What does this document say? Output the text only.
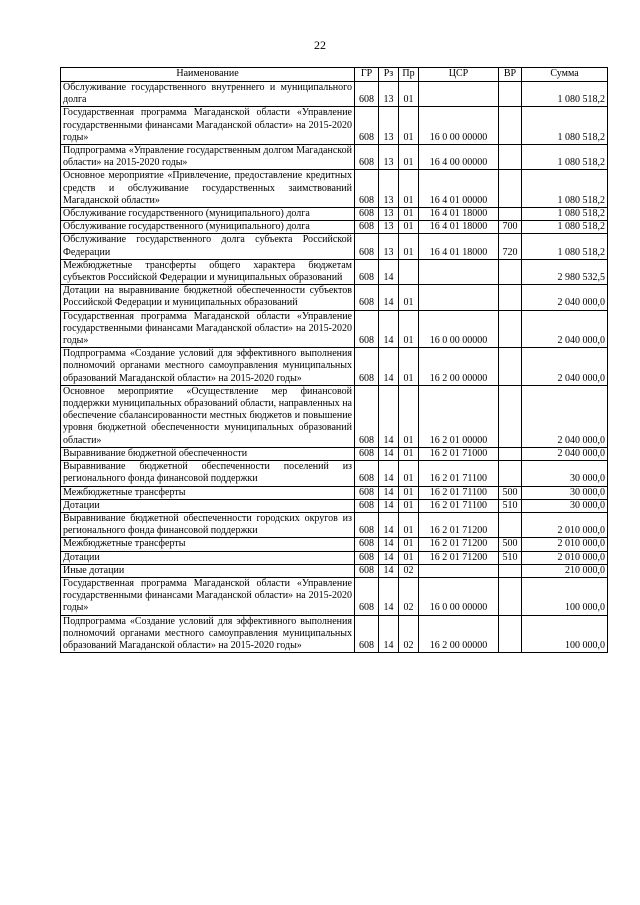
22
Наименование	ГР	Рз	Пр	ЦСР	ВР	Сумма
Обслуживание государственного внутреннего и муниципального долга	608	13	01			1 080 518,2
Государственная программа Магаданской области «Управление государственными финансами Магаданской области» на 2015-2020 годы»	608	13	01	16 0 00 00000		1 080 518,2
Подпрограмма «Управление государственным долгом Магаданской области» на 2015-2020 годы»	608	13	01	16 4 00 00000		1 080 518,2
Основное мероприятие «Привлечение, предоставление кредитных средств и обслуживание государственных заимствований Магаданской области»	608	13	01	16 4 01 00000		1 080 518,2
Обслуживание государственного (муниципального) долга	608	13	01	16 4 01 18000		1 080 518,2
Обслуживание государственного (муниципального) долга	608	13	01	16 4 01 18000	700	1 080 518,2
Обслуживание государственного долга субъекта Российской Федерации	608	13	01	16 4 01 18000	720	1 080 518,2
Межбюджетные трансферты общего характера бюджетам субъектов Российской Федерации и муниципальных образований	608	14				2 980 532,5
Дотации на выравнивание бюджетной обеспеченности субъектов Российской Федерации и муниципальных образований	608	14	01			2 040 000,0
Государственная программа Магаданской области «Управление государственными финансами Магаданской области» на 2015-2020 годы»	608	14	01	16 0 00 00000		2 040 000,0
Подпрограмма «Создание условий для эффективного выполнения полномочий органами местного самоуправления муниципальных образований Магаданской области» на 2015-2020 годы»	608	14	01	16 2 00 00000		2 040 000,0
Основное мероприятие «Осуществление мер финансовой поддержки муниципальных образований области, направленных на обеспечение сбалансированности местных бюджетов и повышение уровня бюджетной обеспеченности муниципальных образований области»	608	14	01	16 2 01 00000		2 040 000,0
Выравнивание бюджетной обеспеченности	608	14	01	16 2 01 71000		2 040 000,0
Выравнивание бюджетной обеспеченности поселений из регионального фонда финансовой поддержки	608	14	01	16 2 01 71100		30 000,0
Межбюджетные трансферты	608	14	01	16 2 01 71100	500	30 000,0
Дотации	608	14	01	16 2 01 71100	510	30 000,0
Выравнивание бюджетной обеспеченности городских округов из регионального фонда финансовой поддержки	608	14	01	16 2 01 71200		2 010 000,0
Межбюджетные трансферты	608	14	01	16 2 01 71200	500	2 010 000,0
Дотации	608	14	01	16 2 01 71200	510	2 010 000,0
Иные дотации	608	14	02			210 000,0
Государственная программа Магаданской области «Управление государственными финансами Магаданской области» на 2015-2020 годы»	608	14	02	16 0 00 00000		100 000,0
Подпрограмма «Создание условий для эффективного выполнения полномочий органами местного самоуправления муниципальных образований Магаданской области» на 2015-2020 годы»	608	14	02	16 2 00 00000		100 000,0
